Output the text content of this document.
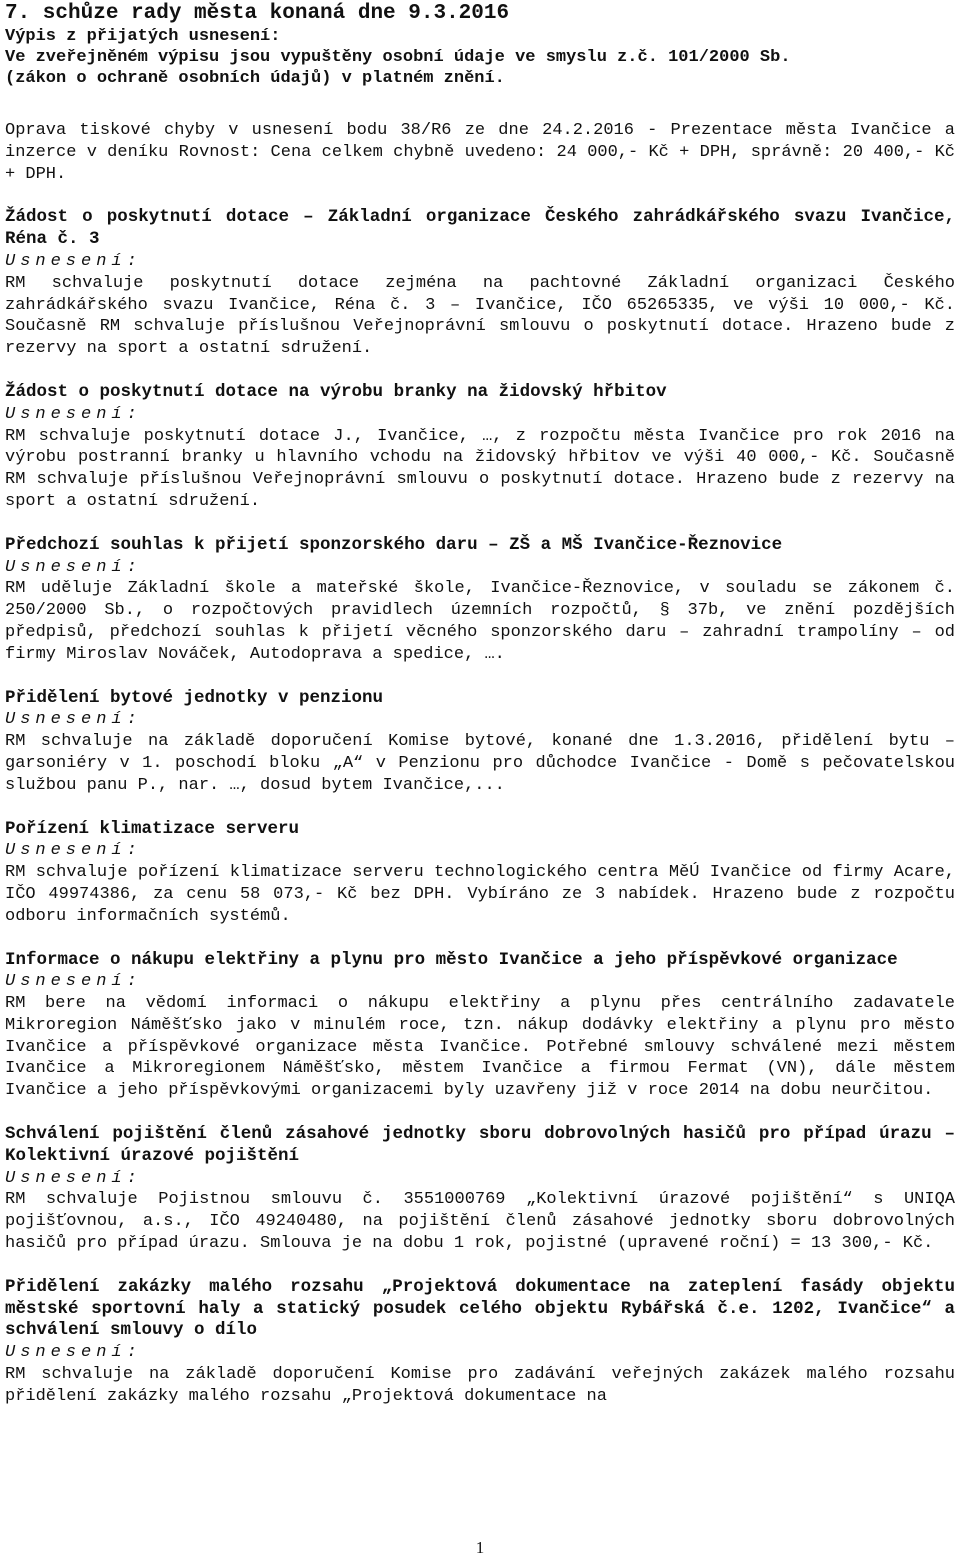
7. schůze rady města konaná dne 9.3.2016

Výpis z přijatých usnesení:

Ve zveřejněném výpisu jsou vypuštěny osobní údaje ve smyslu z.č. 101/2000 Sb.

(zákon o ochraně osobních údajů) v platném znění.

Oprava tiskové chyby v usnesení bodu 38/R6 ze dne 24.2.2016 - Prezentace města Ivančice a inzerce v deníku Rovnost: Cena celkem chybně uvedeno: 24 000,- Kč + DPH, správně: 20 400,- Kč + DPH.

Žádost o poskytnutí dotace – Základní organizace Českého zahrádkářského svazu Ivančice, Réna č. 3

Usnesení:

RM schvaluje poskytnutí dotace zejména na pachtovné Základní organizaci Českého zahrádkářského svazu Ivančice, Réna č. 3 – Ivančice, IČO 65265335, ve výši 10 000,- Kč. Současně RM schvaluje příslušnou Veřejnoprávní smlouvu o poskytnutí dotace. Hrazeno bude z rezervy na sport a ostatní sdružení.

Žádost o poskytnutí dotace na výrobu branky na židovský hřbitov

Usnesení:

RM schvaluje poskytnutí dotace J., Ivančice, …, z rozpočtu města Ivančice pro rok 2016 na výrobu postranní branky u hlavního vchodu na židovský hřbitov ve výši 40 000,- Kč. Současně RM schvaluje příslušnou Veřejnoprávní smlouvu o poskytnutí dotace. Hrazeno bude z rezervy na sport a ostatní sdružení.

Předchozí souhlas k přijetí sponzorského daru – ZŠ a MŠ Ivančice-Řeznovice

Usnesení:

RM uděluje Základní škole a mateřské škole, Ivančice-Řeznovice, v souladu se zákonem č. 250/2000 Sb., o rozpočtových pravidlech územních rozpočtů, § 37b, ve znění pozdějších předpisů, předchozí souhlas k přijetí věcného sponzorského daru – zahradní trampolíny – od firmy Miroslav Nováček, Autodoprava a spedice, ….

Přidělení bytové jednotky v penzionu

Usnesení:

RM schvaluje na základě doporučení Komise bytové, konané dne 1.3.2016, přidělení bytu – garsoniéry v 1. poschodí bloku „A“ v Penzionu pro důchodce Ivančice - Domě s pečovatelskou službou panu P., nar. …, dosud bytem Ivančice,...

Pořízení klimatizace serveru

Usnesení:

RM schvaluje pořízení klimatizace serveru technologického centra MěÚ Ivančice od firmy Acare, IČO 49974386, za cenu 58 073,- Kč bez DPH. Vybíráno ze 3 nabídek. Hrazeno bude z rozpočtu odboru informačních systémů.

Informace o nákupu elektřiny a plynu pro město Ivančice a jeho příspěvkové organizace

Usnesení:

RM bere na vědomí informaci o nákupu elektřiny a plynu přes centrálního zadavatele Mikroregion Náměšťsko jako v minulém roce, tzn. nákup dodávky elektřiny a plynu pro město Ivančice a příspěvkové organizace města Ivančice. Potřebné smlouvy schválené mezi městem Ivančice a Mikroregionem Náměšťsko, městem Ivančice a firmou Fermat (VN), dále městem Ivančice a jeho příspěvkovými organizacemi byly uzavřeny již v roce 2014 na dobu neurčitou.

Schválení pojištění členů zásahové jednotky sboru dobrovolných hasičů pro případ úrazu – Kolektivní úrazové pojištění

Usnesení:

RM schvaluje Pojistnou smlouvu č. 3551000769 „Kolektivní úrazové pojištění“ s UNIQA pojišťovnou, a.s., IČO 49240480, na pojištění členů zásahové jednotky sboru dobrovolných hasičů pro případ úrazu. Smlouva je na dobu 1 rok, pojistné (upravené roční) = 13 300,- Kč.

Přidělení zakázky malého rozsahu „Projektová dokumentace na zateplení fasády objektu městské sportovní haly a statický posudek celého objektu Rybářská č.e. 1202, Ivančice“ a schválení smlouvy o dílo

Usnesení:

RM schvaluje na základě doporučení Komise pro zadávání veřejných zakázek malého rozsahu přidělení zakázky malého rozsahu „Projektová dokumentace na

1
